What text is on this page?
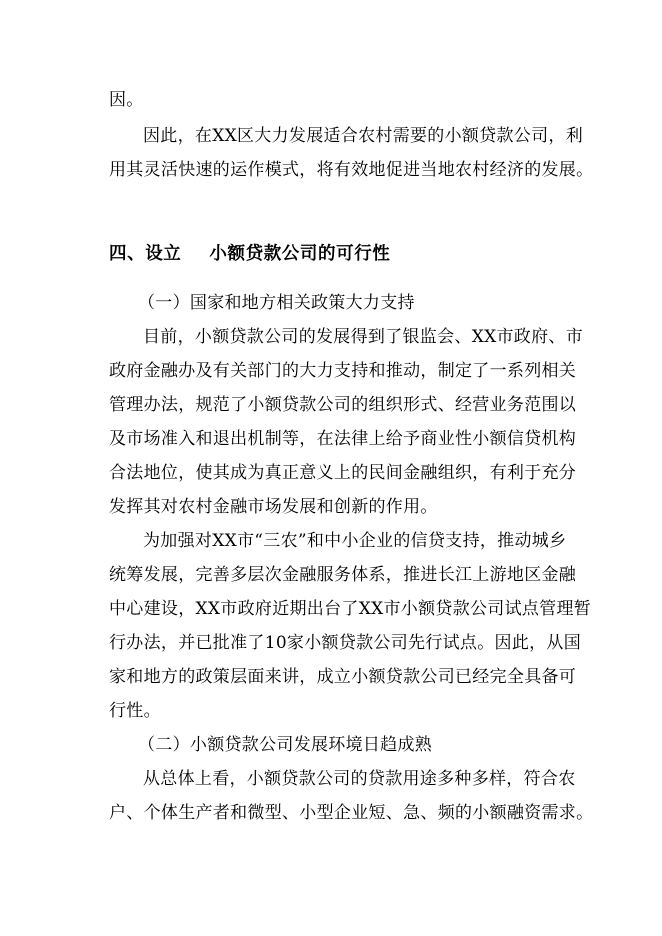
因。
因此，在XX区大力发展适合农村需要的小额贷款公司，利
用其灵活快速的运作模式，将有效地促进当地农村经济的发展。
四、设立 小额贷款公司的可行性
（一）国家和地方相关政策大力支持
目前，小额贷款公司的发展得到了银监会、XX市政府、市
政府金融办及有关部门的大力支持和推动，制定了一系列相关
管理办法，规范了小额贷款公司的组织形式、经营业务范围以
及市场准入和退出机制等，在法律上给予商业性小额信贷机构
合法地位，使其成为真正意义上的民间金融组织，有利于充分
发挥其对农村金融市场发展和创新的作用。
为加强对XX市“三农”和中小企业的信贷支持，推动城乡
统筹发展，完善多层次金融服务体系，推进长江上游地区金融
中心建设，XX市政府近期出台了XX市小额贷款公司试点管理暂
行办法，并已批准了10家小额贷款公司先行试点。因此，从国
家和地方的政策层面来讲，成立小额贷款公司已经完全具备可
行性。
（二）小额贷款公司发展环境日趋成熟
从总体上看，小额贷款公司的贷款用途多种多样，符合农
户、个体生产者和微型、小型企业短、急、频的小额融资需求。
